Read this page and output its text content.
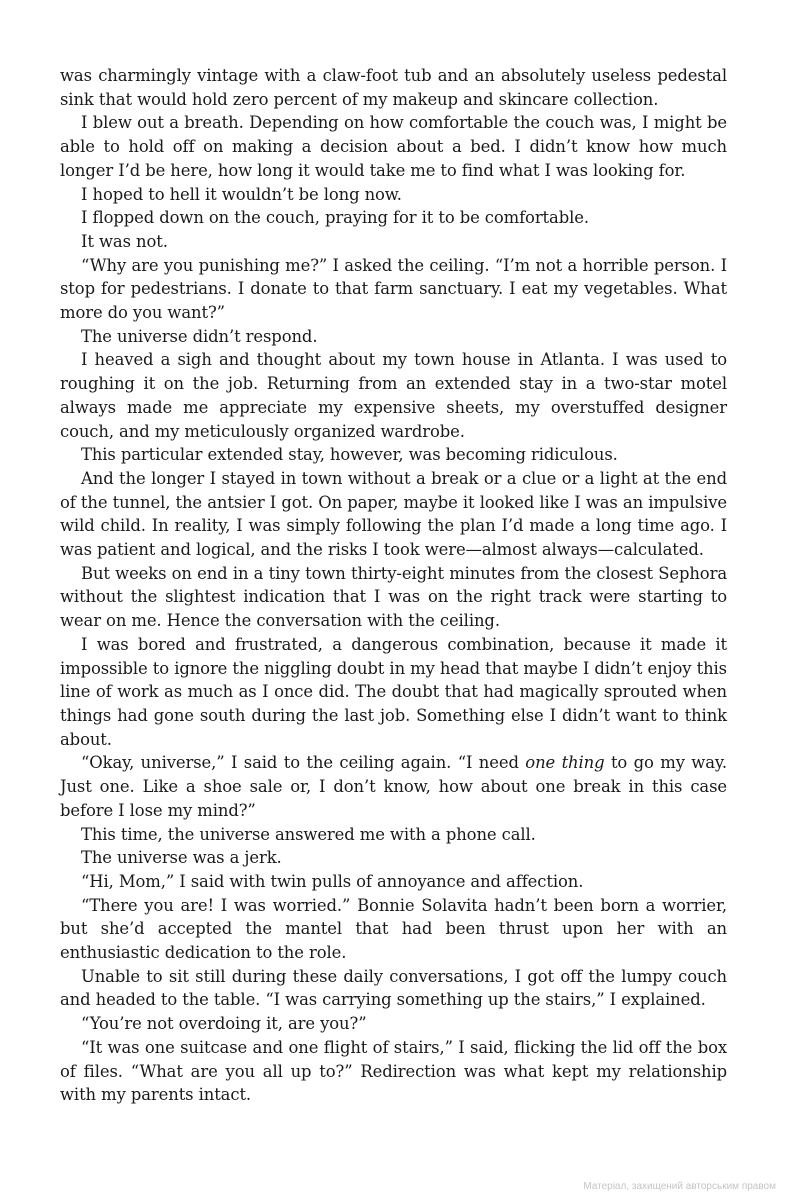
was charmingly vintage with a claw-foot tub and an absolutely useless pedestal sink that would hold zero percent of my makeup and skincare collection.

I blew out a breath. Depending on how comfortable the couch was, I might be able to hold off on making a decision about a bed. I didn’t know how much longer I’d be here, how long it would take me to find what I was looking for.

I hoped to hell it wouldn’t be long now.

I flopped down on the couch, praying for it to be comfortable.

It was not.

“Why are you punishing me?” I asked the ceiling. “I’m not a horrible person. I stop for pedestrians. I donate to that farm sanctuary. I eat my vegetables. What more do you want?”

The universe didn’t respond.

I heaved a sigh and thought about my town house in Atlanta. I was used to roughing it on the job. Returning from an extended stay in a two-star motel always made me appreciate my expensive sheets, my overstuffed designer couch, and my meticulously organized wardrobe.

This particular extended stay, however, was becoming ridiculous.

And the longer I stayed in town without a break or a clue or a light at the end of the tunnel, the antsier I got. On paper, maybe it looked like I was an impulsive wild child. In reality, I was simply following the plan I’d made a long time ago. I was patient and logical, and the risks I took were—almost always—calculated.

But weeks on end in a tiny town thirty-eight minutes from the closest Sephora without the slightest indication that I was on the right track were starting to wear on me. Hence the conversation with the ceiling.

I was bored and frustrated, a dangerous combination, because it made it impossible to ignore the niggling doubt in my head that maybe I didn’t enjoy this line of work as much as I once did. The doubt that had magically sprouted when things had gone south during the last job. Something else I didn’t want to think about.

“Okay, universe,” I said to the ceiling again. “I need one thing to go my way. Just one. Like a shoe sale or, I don’t know, how about one break in this case before I lose my mind?”

This time, the universe answered me with a phone call.

The universe was a jerk.

“Hi, Mom,” I said with twin pulls of annoyance and affection.

“There you are! I was worried.” Bonnie Solavita hadn’t been born a worrier, but she’d accepted the mantel that had been thrust upon her with an enthusiastic dedication to the role.

Unable to sit still during these daily conversations, I got off the lumpy couch and headed to the table. “I was carrying something up the stairs,” I explained.

“You’re not overdoing it, are you?”

“It was one suitcase and one flight of stairs,” I said, flicking the lid off the box of files. “What are you all up to?” Redirection was what kept my relationship with my parents intact.

Матеріал, захищений авторським правом
